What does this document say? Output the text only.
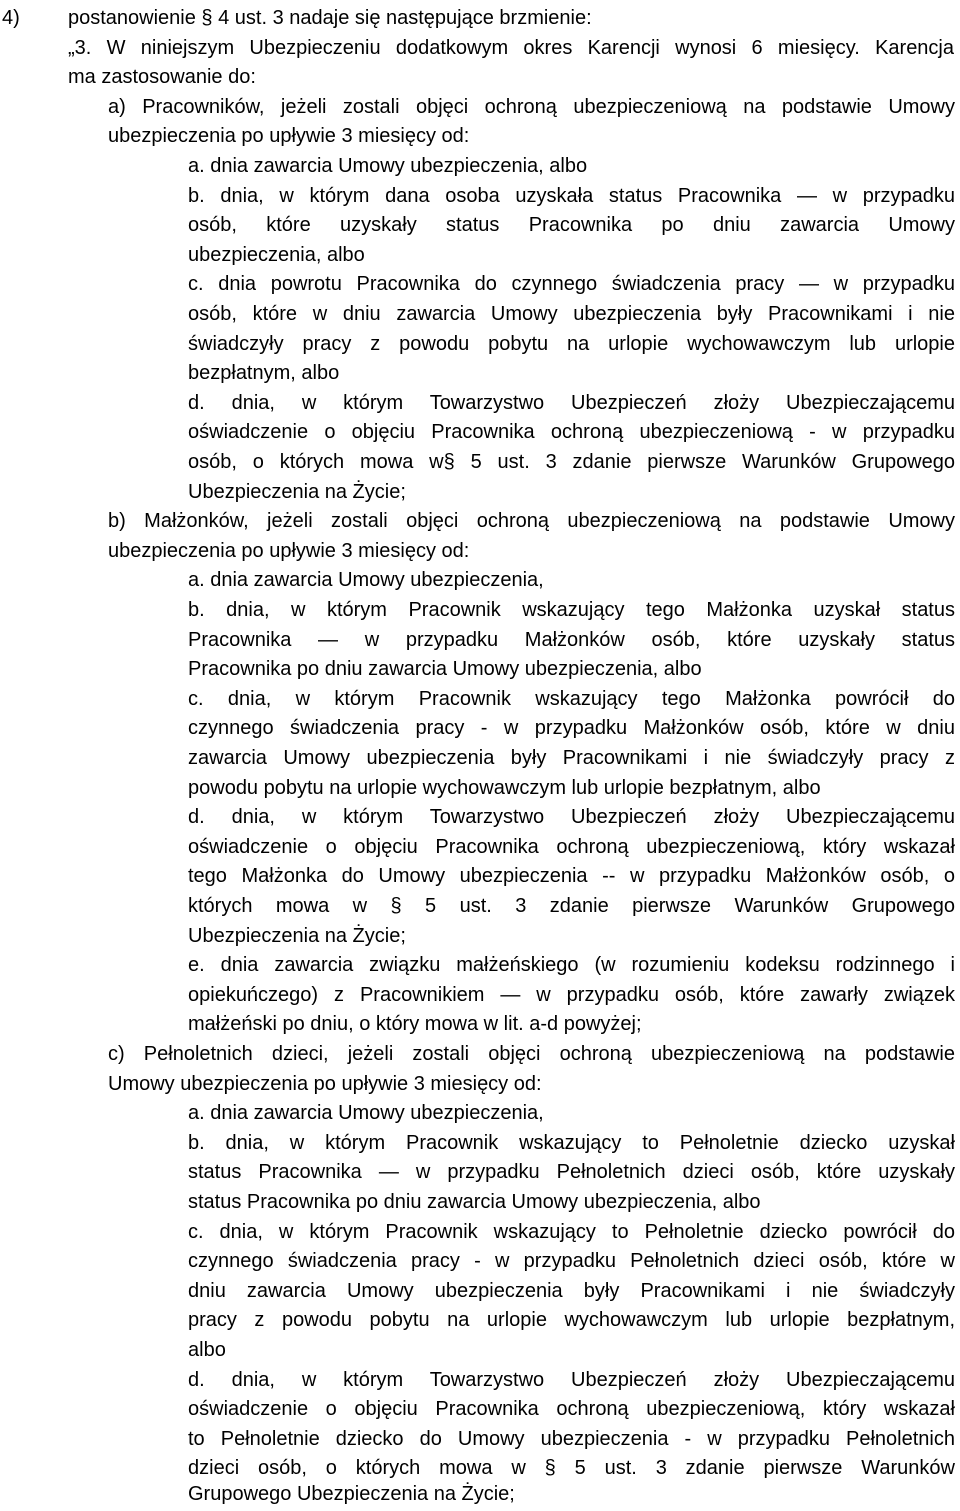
4) postanowienie § 4 ust. 3 nadaje się następujące brzmienie:

„3. W niniejszym Ubezpieczeniu dodatkowym okres Karencji wynosi 6 miesięcy. Karencja

ma zastosowanie do:

a) Pracowników, jeżeli zostali objęci ochroną ubezpieczeniową na podstawie Umowy

ubezpieczenia po upływie 3 miesięcy od:

a. dnia zawarcia Umowy ubezpieczenia, albo

b. dnia, w którym dana osoba uzyskała status Pracownika — w przypadku

osób, które uzyskały status Pracownika po dniu zawarcia Umowy

ubezpieczenia, albo

c. dnia powrotu Pracownika do czynnego świadczenia pracy — w przypadku

osób, które w dniu zawarcia Umowy ubezpieczenia były Pracownikami i nie

świadczyły pracy z powodu pobytu na urlopie wychowawczym lub urlopie

bezpłatnym, albo

d. dnia, w którym Towarzystwo Ubezpieczeń złoży Ubezpieczającemu

oświadczenie o objęciu Pracownika ochroną ubezpieczeniową - w przypadku

osób, o których mowa w§ 5 ust. 3 zdanie pierwsze Warunków Grupowego

Ubezpieczenia na Życie;

b) Małżonków, jeżeli zostali objęci ochroną ubezpieczeniową na podstawie Umowy

ubezpieczenia po upływie 3 miesięcy od:

a. dnia zawarcia Umowy ubezpieczenia,

b. dnia, w którym Pracownik wskazujący tego Małżonka uzyskał status

Pracownika — w przypadku Małżonków osób, które uzyskały status

Pracownika po dniu zawarcia Umowy ubezpieczenia, albo

c. dnia, w którym Pracownik wskazujący tego Małżonka powrócił do

czynnego świadczenia pracy - w przypadku Małżonków osób, które w dniu

zawarcia Umowy ubezpieczenia były Pracownikami i nie świadczyły pracy z

powodu pobytu na urlopie wychowawczym lub urlopie bezpłatnym, albo

d. dnia, w którym Towarzystwo Ubezpieczeń złoży Ubezpieczającemu

oświadczenie o objęciu Pracownika ochroną ubezpieczeniową, który wskazał

tego Małżonka do Umowy ubezpieczenia -- w przypadku Małżonków osób, o

których mowa w § 5 ust. 3 zdanie pierwsze Warunków Grupowego

Ubezpieczenia na Życie;

e. dnia zawarcia związku małżeńskiego (w rozumieniu kodeksu rodzinnego i

opiekuńczego) z Pracownikiem — w przypadku osób, które zawarły związek

małżeński po dniu, o który mowa w lit. a-d powyżej;

c) Pełnoletnich dzieci, jeżeli zostali objęci ochroną ubezpieczeniową na podstawie

Umowy ubezpieczenia po upływie 3 miesięcy od:

a. dnia zawarcia Umowy ubezpieczenia,

b. dnia, w którym Pracownik wskazujący to Pełnoletnie dziecko uzyskał

status Pracownika — w przypadku Pełnoletnich dzieci osób, które uzyskały

status Pracownika po dniu zawarcia Umowy ubezpieczenia, albo

c. dnia, w którym Pracownik wskazujący to Pełnoletnie dziecko powrócił do

czynnego świadczenia pracy - w przypadku Pełnoletnich dzieci osób, które w

dniu zawarcia Umowy ubezpieczenia były Pracownikami i nie świadczyły

pracy z powodu pobytu na urlopie wychowawczym lub urlopie bezpłatnym,

albo

d. dnia, w którym Towarzystwo Ubezpieczeń złoży Ubezpieczającemu

oświadczenie o objęciu Pracownika ochroną ubezpieczeniową, który wskazał

to Pełnoletnie dziecko do Umowy ubezpieczenia - w przypadku Pełnoletnich

dzieci osób, o których mowa w § 5 ust. 3 zdanie pierwsze Warunków

Grupowego Ubezpieczenia na Życie;
